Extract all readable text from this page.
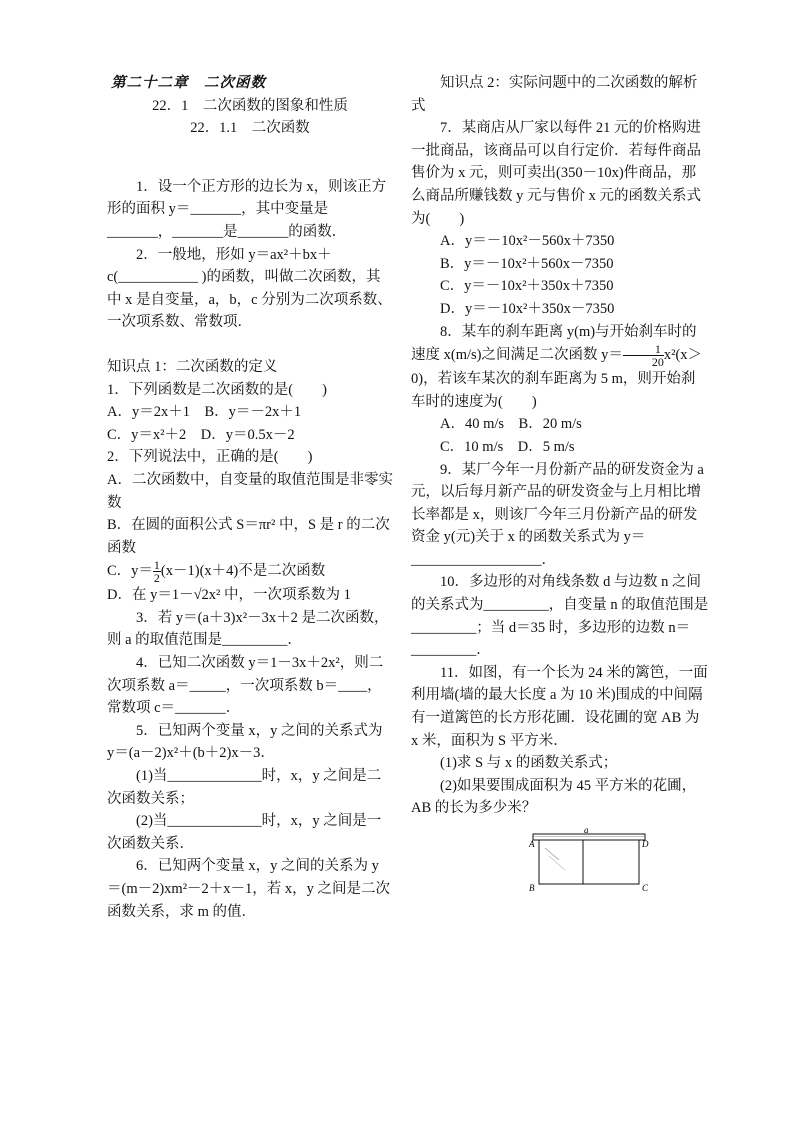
第二十二章　二次函数

22．1　二次函数的图象和性质

22．1.1　二次函数

1．设一个正方形的边长为 x，则该正方形的面积 y＝_______，其中变量是_______，_______是_______的函数．

2．一般地，形如 y＝ax²＋bx＋c(___________ )的函数，叫做二次函数，其中 x 是自变量，a，b，c 分别为二次项系数、一次项系数、常数项．

知识点 1：二次函数的定义

1．下列函数是二次函数的是(　　)

A．y＝2x＋1　B．y＝－2x＋1

C．y＝x²＋2　D．y＝0.5x－2

2．下列说法中，正确的是(　　)

A．二次函数中，自变量的取值范围是非零实数

B．在圆的面积公式 S＝πr² 中，S 是 r 的二次函数

C．$y= \frac{1}{2} (x-1)(x+4)$不是二次函数

D．在 y＝1－√2x² 中，一次项系数为 1

3．若 y＝(a＋3)x²－3x＋2 是二次函数，则 a 的取值范围是_________．

4．已知二次函数 y＝1－3x＋2x²，则二次项系数 a＝_____，一次项系数 b＝____，常数项 c＝_______．

5．已知两个变量 x，y 之间的关系式为 y＝(a－2)x²＋(b＋2)x－3．

(1)当_____________时，x，y 之间是二次函数关系；

(2)当_____________时，x，y 之间是一次函数关系．

6．已知两个变量 x，y 之间的关系为 y＝(m－2)xm²－2＋x－1，若 x，y 之间是二次函数关系，求 m 的值．

知识点 2：实际问题中的二次函数的解析式

7．某商店从厂家以每件 21 元的价格购进一批商品，该商品可以自行定价．若每件商品售价为 x 元，则可卖出(350－10x)件商品，那么商品所赚钱数 y 元与售价 x 元的函数关系式为(　　)

A．y＝－10x²－560x＋7350

B．y＝－10x²＋560x－7350

C．y＝－10x²＋350x＋7350

D．y＝－10x²＋350x－7350

8．某车的刹车距离 y(m)与开始刹车时的速度 x(m/s)之间满足二次函数 $y= \frac{1}{20} x^2(x>0)$，若该车某次的刹车距离为 5 m，则开始刹车时的速度为(　　)

A．40 m/s　B．20 m/s

C．10 m/s　D．5 m/s

9．某厂今年一月份新产品的研发资金为 a 元，以后每月新产品的研发资金与上月相比增长率都是 x，则该厂今年三月份新产品的研发资金 y(元)关于 x 的函数关系式为 y＝__________________．

10．多边形的对角线条数 d 与边数 n 之间的关系式为_________，自变量 n 的取值范围是_________；当 d＝35 时，多边形的边数 n＝_________．

11．如图，有一个长为 24 米的篱笆，一面利用墙(墙的最大长度 a 为 10 米)围成的中间隔有一道篱笆的长方形花圃．设花圃的宽 AB 为 x 米，面积为 S 平方米．

(1)求 S 与 x 的函数关系式；

(2)如果要围成面积为 45 平方米的花圃，AB 的长为多少米？

a
A	D
B	C
